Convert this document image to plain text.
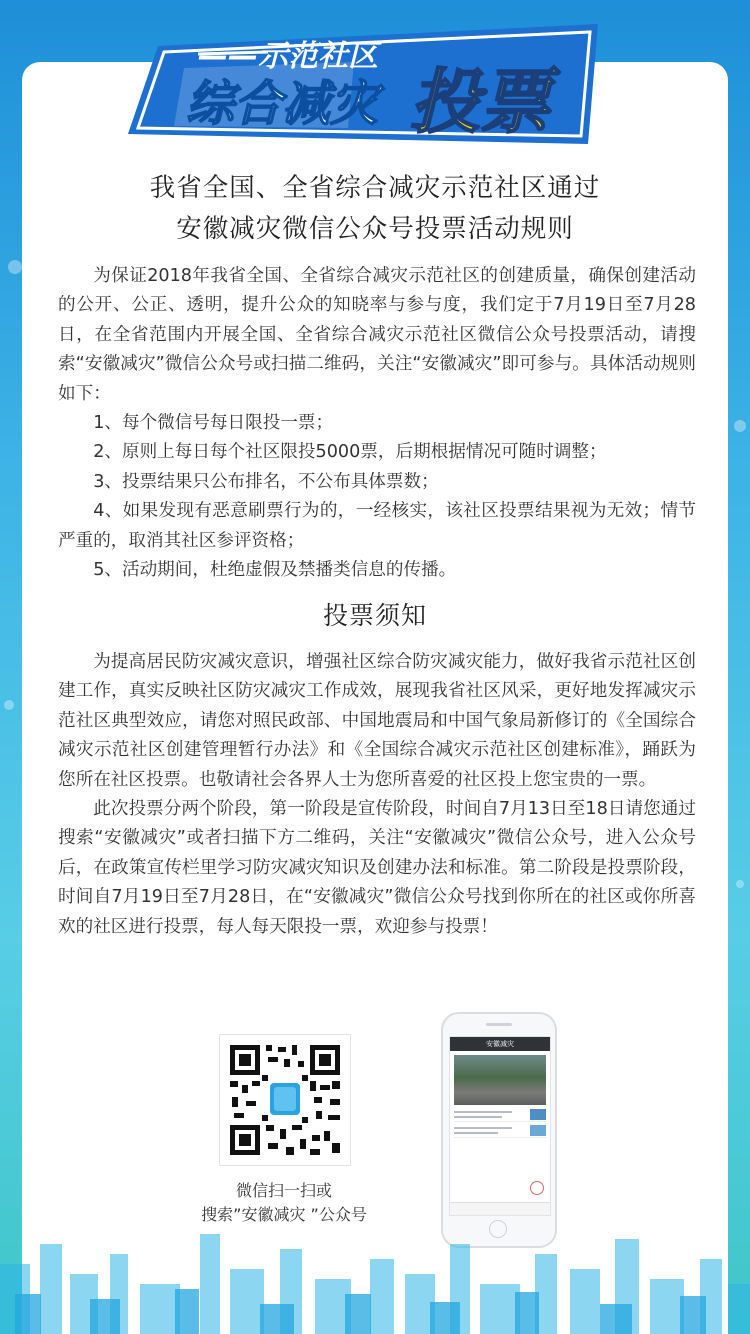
——示范社区
综合减灾 投票
我省全国、全省综合减灾示范社区通过
安徽减灾微信公众号投票活动规则

为保证2018年我省全国、全省综合减灾示范社区的创建质量，确保创建活动的公开、公正、透明，提升公众的知晓率与参与度，我们定于7月19日至7月28日，在全省范围内开展全国、全省综合减灾示范社区微信公众号投票活动，请搜索“安徽减灾”微信公众号或扫描二维码，关注“安徽减灾”即可参与。具体活动规则如下：

1、每个微信号每日限投一票；

2、原则上每日每个社区限投5000票，后期根据情况可随时调整；

3、投票结果只公布排名，不公布具体票数；

4、如果发现有恶意刷票行为的，一经核实，该社区投票结果视为无效；情节严重的，取消其社区参评资格；

5、活动期间，杜绝虚假及禁播类信息的传播。

投票须知

为提高居民防灾减灾意识，增强社区综合防灾减灾能力，做好我省示范社区创建工作，真实反映社区防灾减灾工作成效，展现我省社区风采，更好地发挥减灾示范社区典型效应，请您对照民政部、中国地震局和中国气象局新修订的《全国综合减灾示范社区创建管理暂行办法》和《全国综合减灾示范社区创建标准》，踊跃为您所在社区投票。也敬请社会各界人士为您所喜爱的社区投上您宝贵的一票。

此次投票分两个阶段，第一阶段是宣传阶段，时间自7月13日至18日请您通过搜索“安徽减灾”或者扫描下方二维码，关注“安徽减灾”微信公众号，进入公众号后，在政策宣传栏里学习防灾减灾知识及创建办法和标准。第二阶段是投票阶段，时间自7月19日至7月28日，在“安徽减灾”微信公众号找到你所在的社区或你所喜欢的社区进行投票，每人每天限投一票，欢迎参与投票！

微信扫一扫或
搜索”安徽减灾 ”公众号
安徽减灾
